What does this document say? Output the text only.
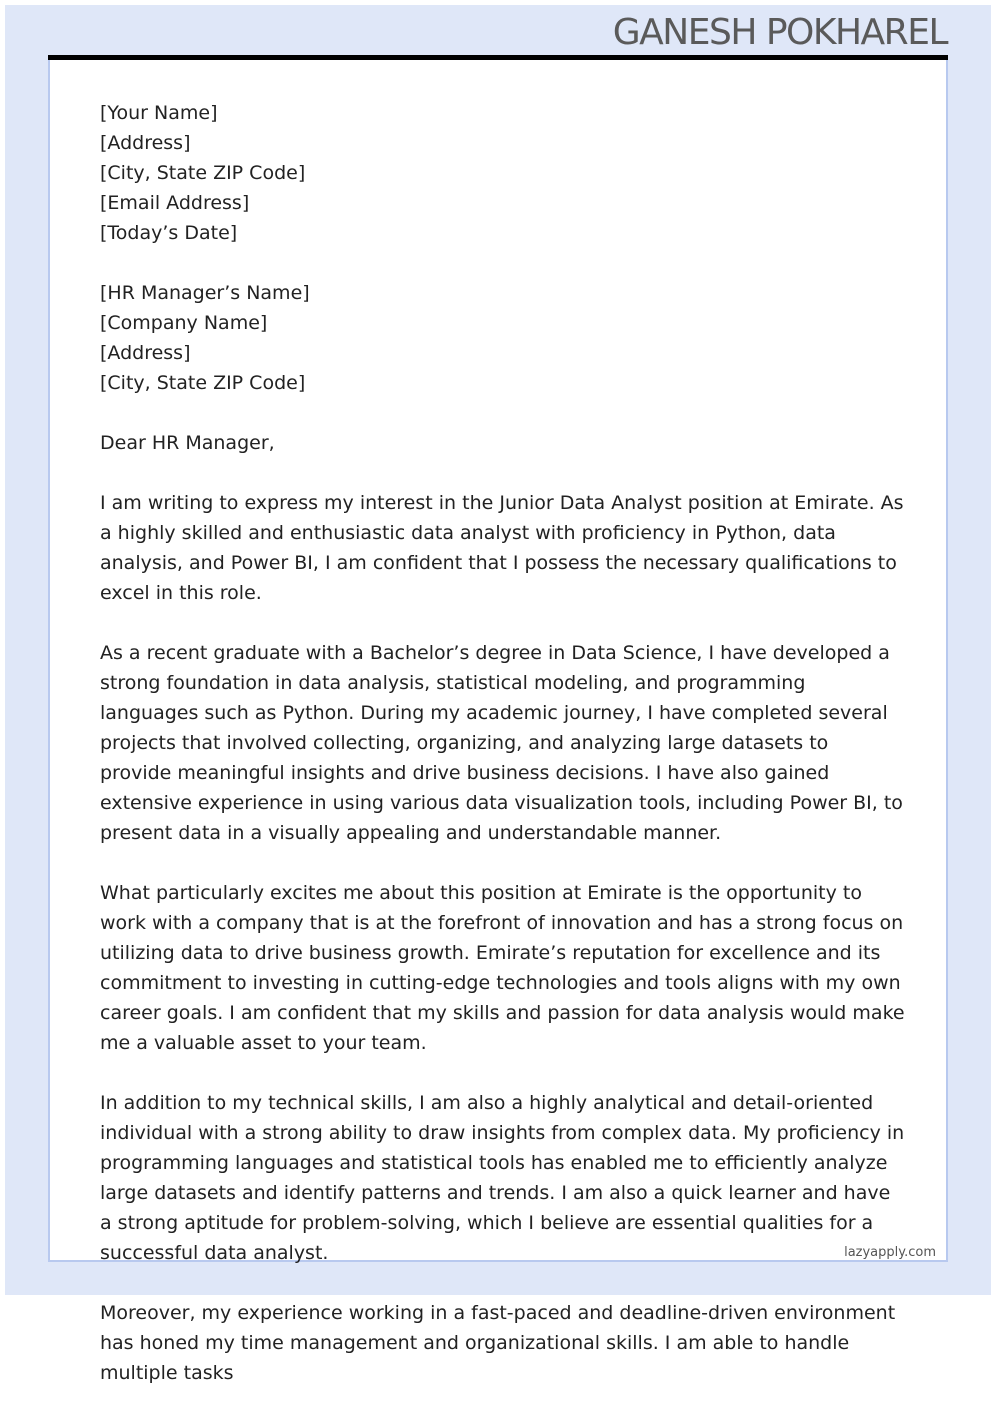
GANESH POKHAREL
[Your Name]
[Address]
[City, State ZIP Code]
[Email Address]
[Today’s Date]
[HR Manager’s Name]
[Company Name]
[Address]
[City, State ZIP Code]

Dear HR Manager,

I am writing to express my interest in the Junior Data Analyst position at Emirate. As a highly skilled and enthusiastic data analyst with proficiency in Python, data analysis, and Power BI, I am confident that I possess the necessary qualifications to excel in this role.

As a recent graduate with a Bachelor’s degree in Data Science, I have developed a strong foundation in data analysis, statistical modeling, and programming languages such as Python. During my academic journey, I have completed several projects that involved collecting, organizing, and analyzing large datasets to provide meaningful insights and drive business decisions. I have also gained extensive experience in using various data visualization tools, including Power BI, to present data in a visually appealing and understandable manner.

What particularly excites me about this position at Emirate is the opportunity to work with a company that is at the forefront of innovation and has a strong focus on utilizing data to drive business growth. Emirate’s reputation for excellence and its commitment to investing in cutting-edge technologies and tools aligns with my own career goals. I am confident that my skills and passion for data analysis would make me a valuable asset to your team.

In addition to my technical skills, I am also a highly analytical and detail-oriented individual with a strong ability to draw insights from complex data. My proficiency in programming languages and statistical tools has enabled me to efficiently analyze large datasets and identify patterns and trends. I am also a quick learner and have a strong aptitude for problem-solving, which I believe are essential qualities for a successful data analyst.

Moreover, my experience working in a fast-paced and deadline-driven environment has honed my time management and organizational skills. I am able to handle multiple tasks

lazyapply.com
